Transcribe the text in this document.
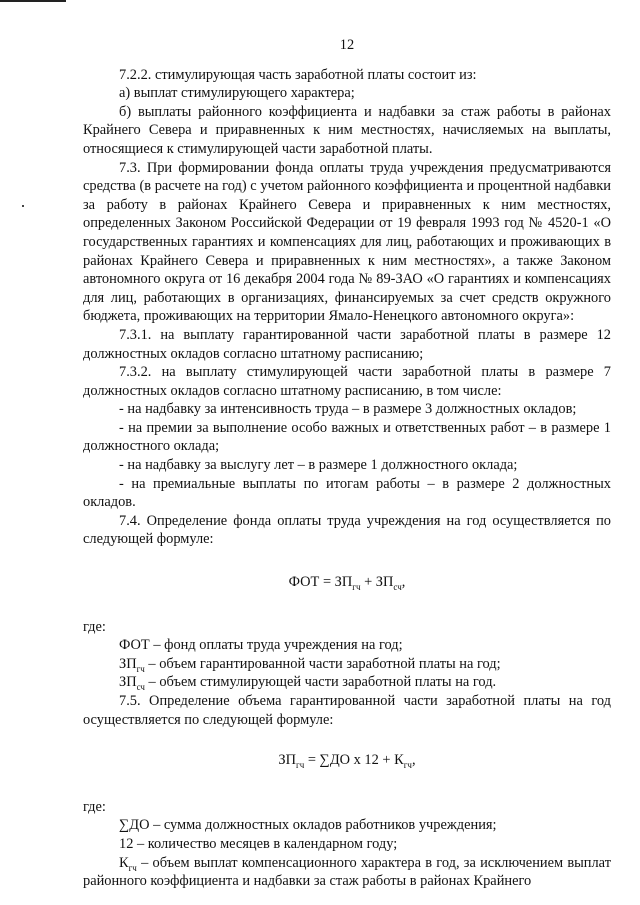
12

7.2.2. стимулирующая часть заработной платы состоит из:

а) выплат стимулирующего характера;

б) выплаты районного коэффициента и надбавки за стаж работы в районах Крайнего Севера и приравненных к ним местностях, начисляемых на выплаты, относящиеся к стимулирующей части заработной платы.

7.3. При формировании фонда оплаты труда учреждения предусматриваются средства (в расчете на год) с учетом районного коэффициента и процентной надбавки за работу в районах Крайнего Севера и приравненных к ним местностях, определенных Законом Российской Федерации от 19 февраля 1993 год № 4520-1 «О государственных гарантиях и компенсациях для лиц, работающих и проживающих в районах Крайнего Севера и приравненных к ним местностях», а также Законом автономного округа от 16 декабря 2004 года № 89-ЗАО «О гарантиях и компенсациях для лиц, работающих в организациях, финансируемых за счет средств окружного бюджета, проживающих на территории Ямало-Ненецкого автономного округа»:

7.3.1. на выплату гарантированной части заработной платы в размере 12 должностных окладов согласно штатному расписанию;

7.3.2. на выплату стимулирующей части заработной платы в размере 7 должностных окладов согласно штатному расписанию, в том числе:

- на надбавку за интенсивность труда – в размере 3 должностных окладов;

- на премии за выполнение особо важных и ответственных работ – в размере 1 должностного оклада;

- на надбавку за выслугу лет – в размере 1 должностного оклада;

- на премиальные выплаты по итогам работы – в размере 2 должностных окладов.

7.4. Определение фонда оплаты труда учреждения на год осуществляется по следующей формуле:

ФОТ = $ЗП_{гч} + ЗП_{сч}$,

где:

ФОТ – фонд оплаты труда учреждения на год;

$ЗП_{гч}$ – объем гарантированной части заработной платы на год;

$ЗП_{сч}$ – объем стимулирующей части заработной платы на год.

7.5. Определение объема гарантированной части заработной платы на год осуществляется по следующей формуле:

$ЗП_{гч} = \sum ДО$ х $12 + К_{гч}$,

где:

∑ДО – сумма должностных окладов работников учреждения;

12 – количество месяцев в календарном году;

$К_{гч}$ – объем выплат компенсационного характера в год, за исключением выплат районного коэффициента и надбавки за стаж работы в районах Крайнего
